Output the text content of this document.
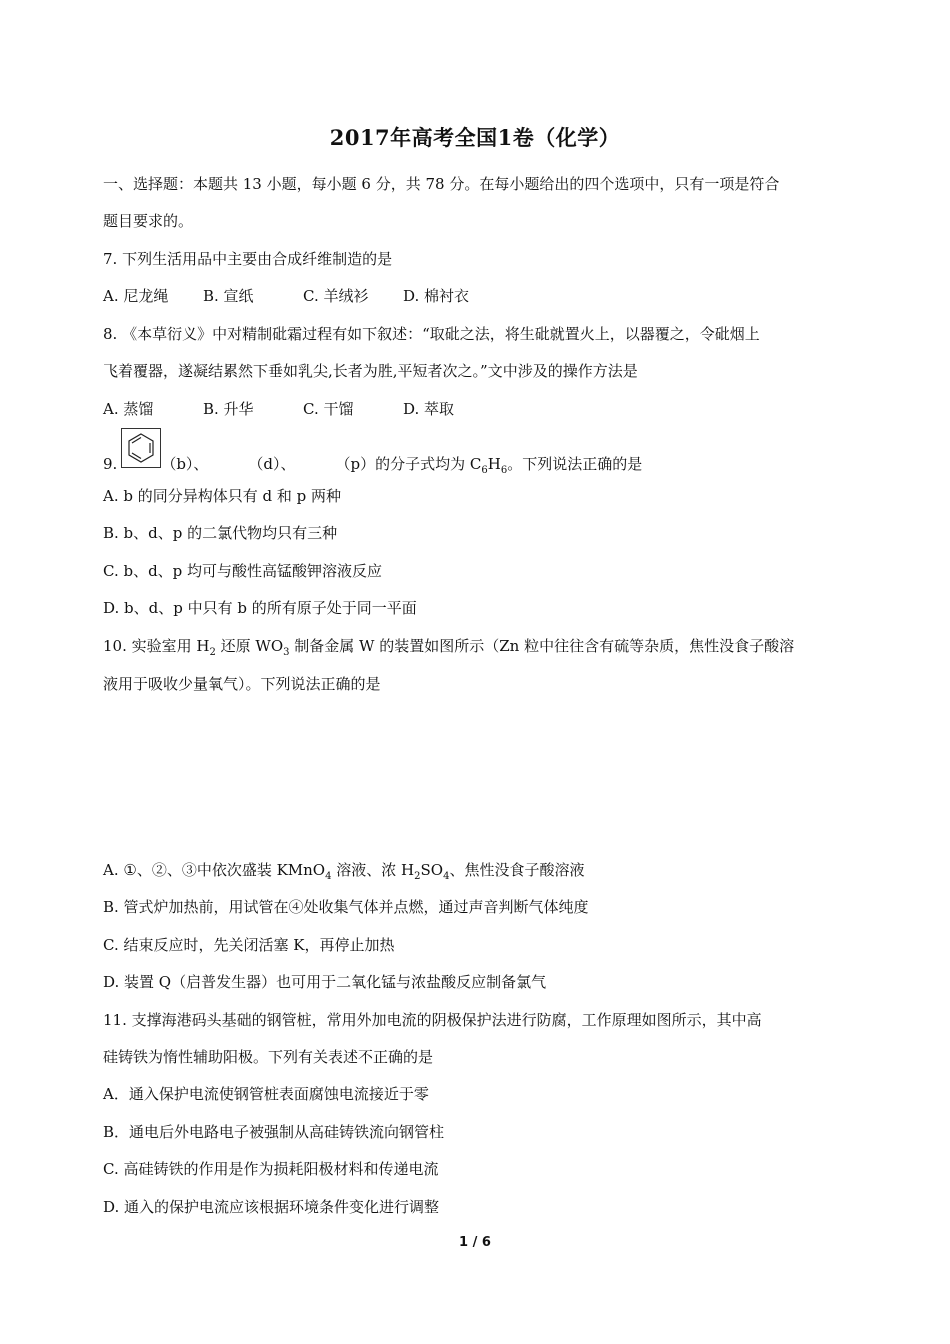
2017年高考全国1卷（化学）
一、选择题：本题共 13 小题，每小题 6 分，共 78 分。在每小题给出的四个选项中，只有一项是符合
题目要求的。
7. 下列生活用品中主要由合成纤维制造的是
A. 尼龙绳 B. 宣纸	C. 羊绒衫 D. 棉衬衣
8. 《本草衍义》中对精制砒霜过程有如下叙述：“取砒之法，将生砒就置火上，以器覆之，令砒烟上
飞着覆器，遂凝结累然下垂如乳尖,长者为胜,平短者次之。”文中涉及的操作方法是
A. 蒸馏	B. 升华	C. 干馏	D. 萃取
9.	（b）、	（d）、	（p）的分子式均为 $C_6H_6$。下列说法正确的是
A. b 的同分异构体只有 d 和 p 两种
B. b、d、p 的二氯代物均只有三种
C. b、d、p 均可与酸性高锰酸钾溶液反应
D. b、d、p 中只有 b 的所有原子处于同一平面
10. 实验室用 $H_2$ 还原 $WO_3$ 制备金属 W 的装置如图所示（Zn 粒中往往含有硫等杂质，焦性没食子酸溶
液用于吸收少量氧气）。下列说法正确的是
A. ①、②、③中依次盛装 KMnO$_4$ 溶液、浓 $H_2SO_4$、焦性没食子酸溶液
B. 管式炉加热前，用试管在④处收集气体并点燃，通过声音判断气体纯度
C. 结束反应时，先关闭活塞 K，再停止加热
D. 装置 Q（启普发生器）也可用于二氧化锰与浓盐酸反应制备氯气
11. 支撑海港码头基础的钢管桩，常用外加电流的阴极保护法进行防腐，工作原理如图所示，其中高
硅铸铁为惰性辅助阳极。下列有关表述不正确的是
A．通入保护电流使钢管桩表面腐蚀电流接近于零
B．通电后外电路电子被强制从高硅铸铁流向钢管柱
C. 高硅铸铁的作用是作为损耗阳极材料和传递电流
D. 通入的保护电流应该根据环境条件变化进行调整
1 / 6
